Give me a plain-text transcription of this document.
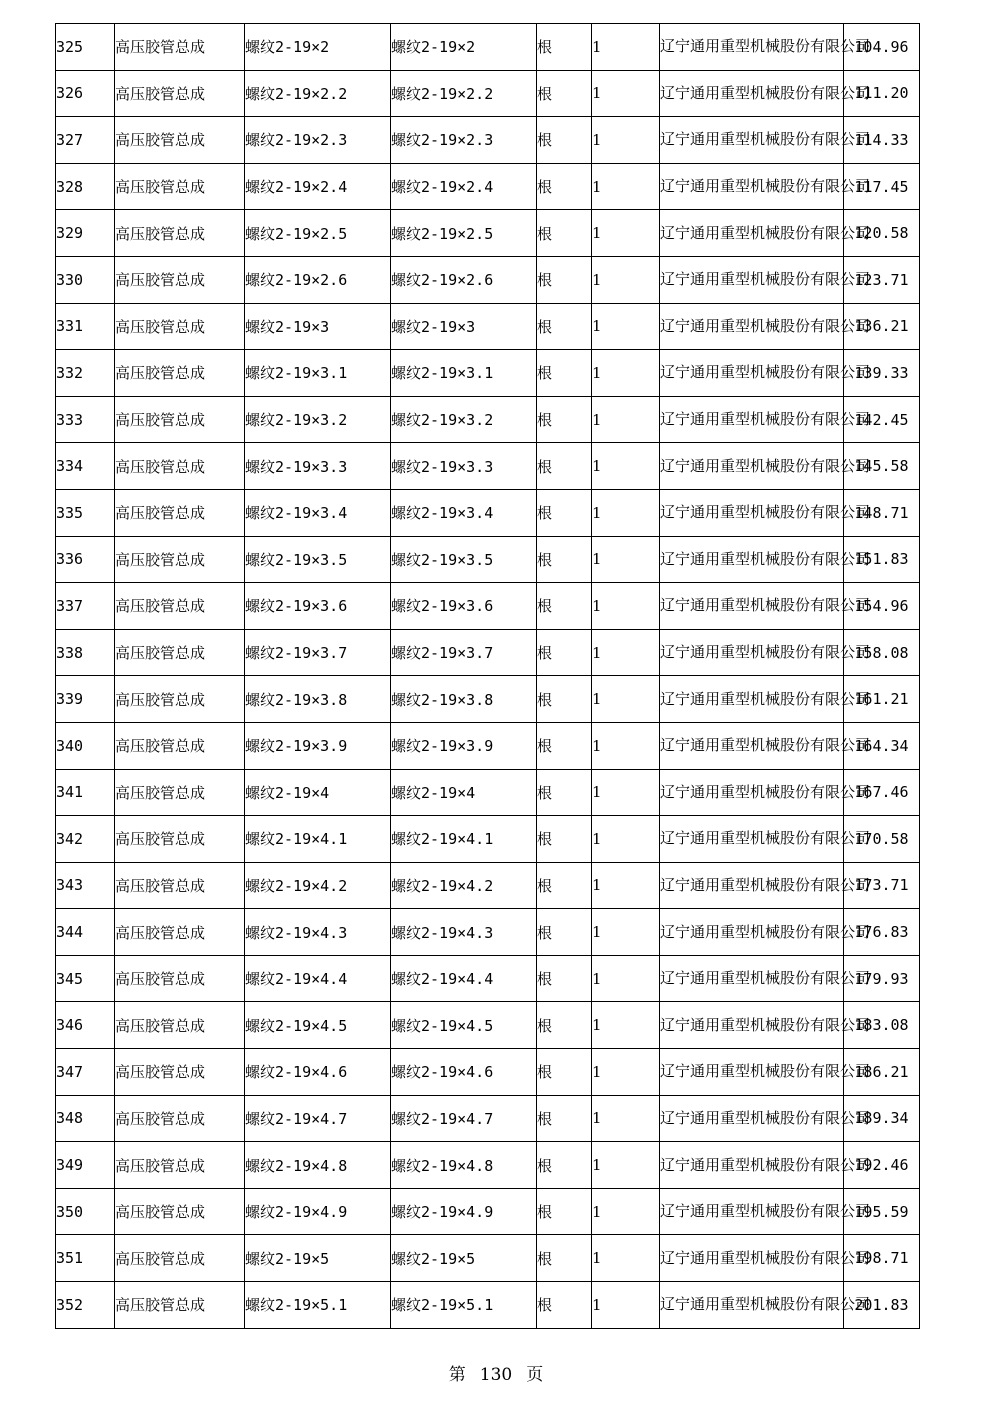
325	高压胶管总成	螺纹2-19×2	螺纹2-19×2	根	1	辽宁通用重型机械股份有限公司	104.96
326	高压胶管总成	螺纹2-19×2.2	螺纹2-19×2.2	根	1	辽宁通用重型机械股份有限公司	111.20
327	高压胶管总成	螺纹2-19×2.3	螺纹2-19×2.3	根	1	辽宁通用重型机械股份有限公司	114.33
328	高压胶管总成	螺纹2-19×2.4	螺纹2-19×2.4	根	1	辽宁通用重型机械股份有限公司	117.45
329	高压胶管总成	螺纹2-19×2.5	螺纹2-19×2.5	根	1	辽宁通用重型机械股份有限公司	120.58
330	高压胶管总成	螺纹2-19×2.6	螺纹2-19×2.6	根	1	辽宁通用重型机械股份有限公司	123.71
331	高压胶管总成	螺纹2-19×3	螺纹2-19×3	根	1	辽宁通用重型机械股份有限公司	136.21
332	高压胶管总成	螺纹2-19×3.1	螺纹2-19×3.1	根	1	辽宁通用重型机械股份有限公司	139.33
333	高压胶管总成	螺纹2-19×3.2	螺纹2-19×3.2	根	1	辽宁通用重型机械股份有限公司	142.45
334	高压胶管总成	螺纹2-19×3.3	螺纹2-19×3.3	根	1	辽宁通用重型机械股份有限公司	145.58
335	高压胶管总成	螺纹2-19×3.4	螺纹2-19×3.4	根	1	辽宁通用重型机械股份有限公司	148.71
336	高压胶管总成	螺纹2-19×3.5	螺纹2-19×3.5	根	1	辽宁通用重型机械股份有限公司	151.83
337	高压胶管总成	螺纹2-19×3.6	螺纹2-19×3.6	根	1	辽宁通用重型机械股份有限公司	154.96
338	高压胶管总成	螺纹2-19×3.7	螺纹2-19×3.7	根	1	辽宁通用重型机械股份有限公司	158.08
339	高压胶管总成	螺纹2-19×3.8	螺纹2-19×3.8	根	1	辽宁通用重型机械股份有限公司	161.21
340	高压胶管总成	螺纹2-19×3.9	螺纹2-19×3.9	根	1	辽宁通用重型机械股份有限公司	164.34
341	高压胶管总成	螺纹2-19×4	螺纹2-19×4	根	1	辽宁通用重型机械股份有限公司	167.46
342	高压胶管总成	螺纹2-19×4.1	螺纹2-19×4.1	根	1	辽宁通用重型机械股份有限公司	170.58
343	高压胶管总成	螺纹2-19×4.2	螺纹2-19×4.2	根	1	辽宁通用重型机械股份有限公司	173.71
344	高压胶管总成	螺纹2-19×4.3	螺纹2-19×4.3	根	1	辽宁通用重型机械股份有限公司	176.83
345	高压胶管总成	螺纹2-19×4.4	螺纹2-19×4.4	根	1	辽宁通用重型机械股份有限公司	179.93
346	高压胶管总成	螺纹2-19×4.5	螺纹2-19×4.5	根	1	辽宁通用重型机械股份有限公司	183.08
347	高压胶管总成	螺纹2-19×4.6	螺纹2-19×4.6	根	1	辽宁通用重型机械股份有限公司	186.21
348	高压胶管总成	螺纹2-19×4.7	螺纹2-19×4.7	根	1	辽宁通用重型机械股份有限公司	189.34
349	高压胶管总成	螺纹2-19×4.8	螺纹2-19×4.8	根	1	辽宁通用重型机械股份有限公司	192.46
350	高压胶管总成	螺纹2-19×4.9	螺纹2-19×4.9	根	1	辽宁通用重型机械股份有限公司	195.59
351	高压胶管总成	螺纹2-19×5	螺纹2-19×5	根	1	辽宁通用重型机械股份有限公司	198.71
352	高压胶管总成	螺纹2-19×5.1	螺纹2-19×5.1	根	1	辽宁通用重型机械股份有限公司	201.83
第 130 页
